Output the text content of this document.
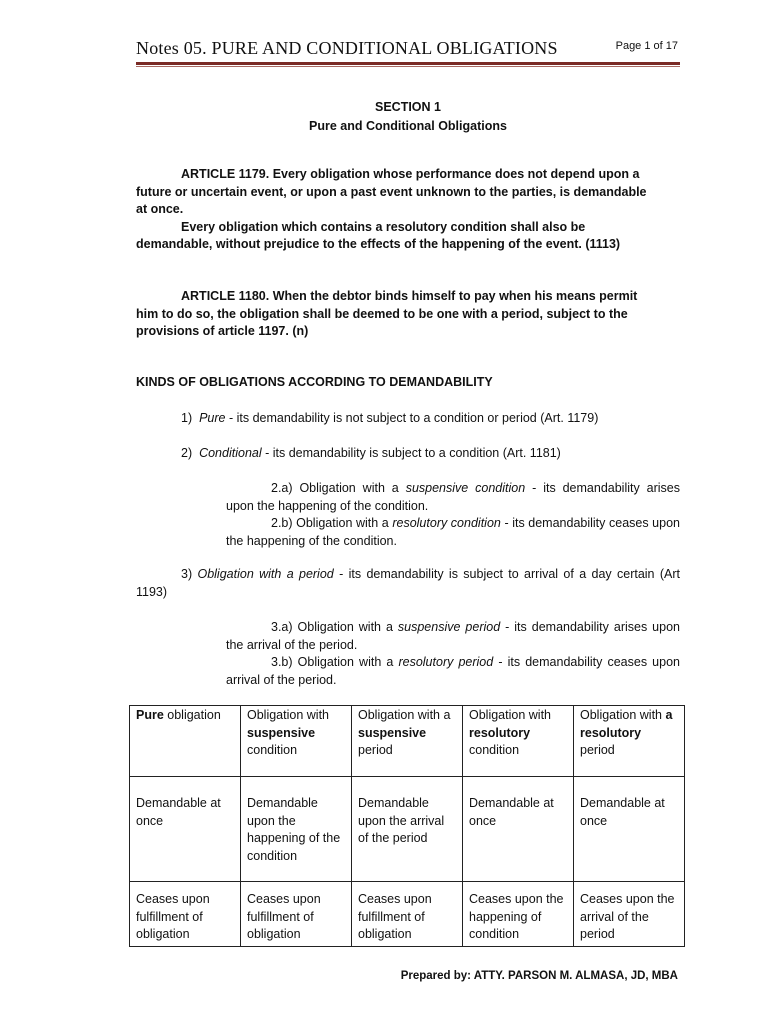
Notes 05. PURE AND CONDITIONAL OBLIGATIONS	Page 1 of 17
SECTION 1
Pure and Conditional Obligations
ARTICLE 1179. Every obligation whose performance does not depend upon a future or uncertain event, or upon a past event unknown to the parties, is demandable at once.
Every obligation which contains a resolutory condition shall also be demandable, without prejudice to the effects of the happening of the event. (1113)
ARTICLE 1180. When the debtor binds himself to pay when his means permit him to do so, the obligation shall be deemed to be one with a period, subject to the provisions of article 1197. (n)
KINDS OF OBLIGATIONS ACCORDING TO DEMANDABILITY
1) Pure - its demandability is not subject to a condition or period (Art. 1179)
2) Conditional - its demandability is subject to a condition (Art. 1181)
2.a) Obligation with a suspensive condition - its demandability arises upon the happening of the condition.
2.b) Obligation with a resolutory condition - its demandability ceases upon the happening of the condition.
3) Obligation with a period - its demandability is subject to arrival of a day certain (Art 1193)
3.a) Obligation with a suspensive period - its demandability arises upon the arrival of the period.
3.b) Obligation with a resolutory period - its demandability ceases upon arrival of the period.
Pure obligation	Obligation with suspensive condition	Obligation with a suspensive period	Obligation with resolutory condition	Obligation with a resolutory period
Demandable at once	Demandable upon the happening of the condition	Demandable upon the arrival of the period	Demandable at once	Demandable at once
Ceases upon fulfillment of obligation	Ceases upon fulfillment of obligation	Ceases upon fulfillment of obligation	Ceases upon the happening of condition	Ceases upon the arrival of the period
Prepared by: ATTY. PARSON M. ALMASA, JD, MBA
